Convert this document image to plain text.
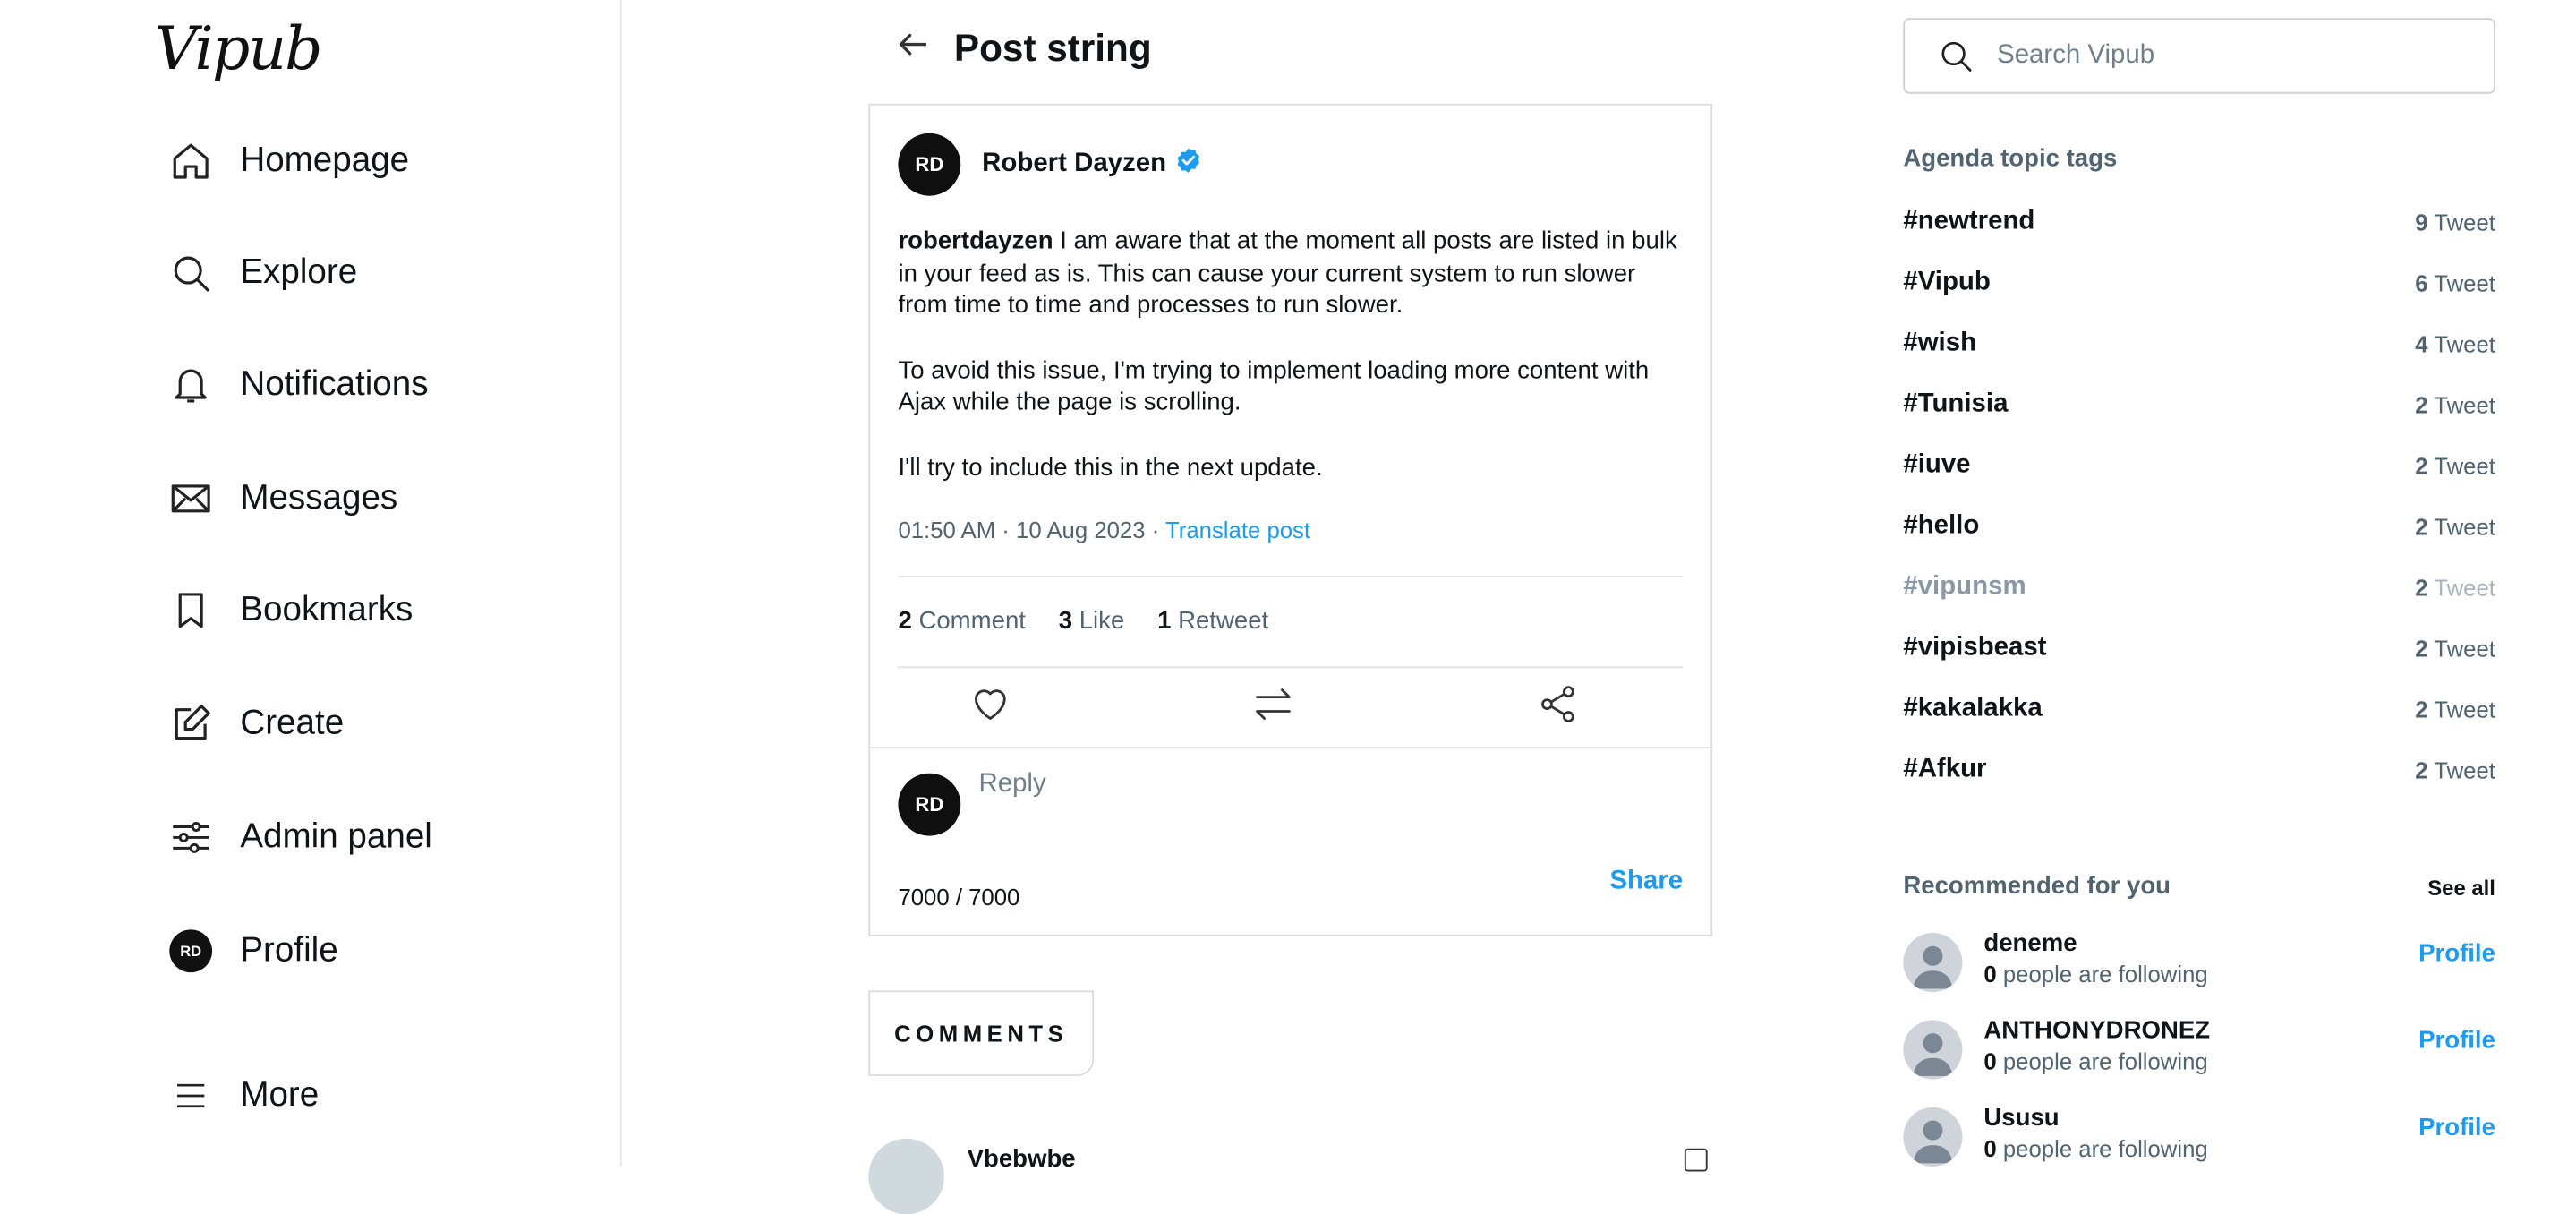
Vipub
Homepage
Explore
Notifications
Messages
Bookmarks
Create
Admin panel
RD	Profile
More
Post string
RD	Robert Dayzen

robertdayzen I am aware that at the moment all posts are listed in bulk in your feed as is. This can cause your current system to run slower from time to time and processes to run slower.

To avoid this issue, I'm trying to implement loading more content with Ajax while the page is scrolling.

I'll try to include this in the next update.

01:50 AM · 10 Aug 2023 · Translate post
2 Comment 3 Like 1 Retweet
RD
Reply
7000 / 7000
Share
COMMENTS
Vbebwbe
Search Vipub
Agenda topic tags
#newtrend	9 Tweet
#Vipub	6 Tweet
#wish	4 Tweet
#Tunisia	2 Tweet
#iuve	2 Tweet
#hello	2 Tweet
#vipunsm	2 Tweet
#vipisbeast	2 Tweet
#kakalakka	2 Tweet
#Afkur	2 Tweet
Recommended for you	See all
deneme
0 people are following
Profile
ANTHONYDRONEZ
0 people are following
Profile
Ususu
0 people are following
Profile
